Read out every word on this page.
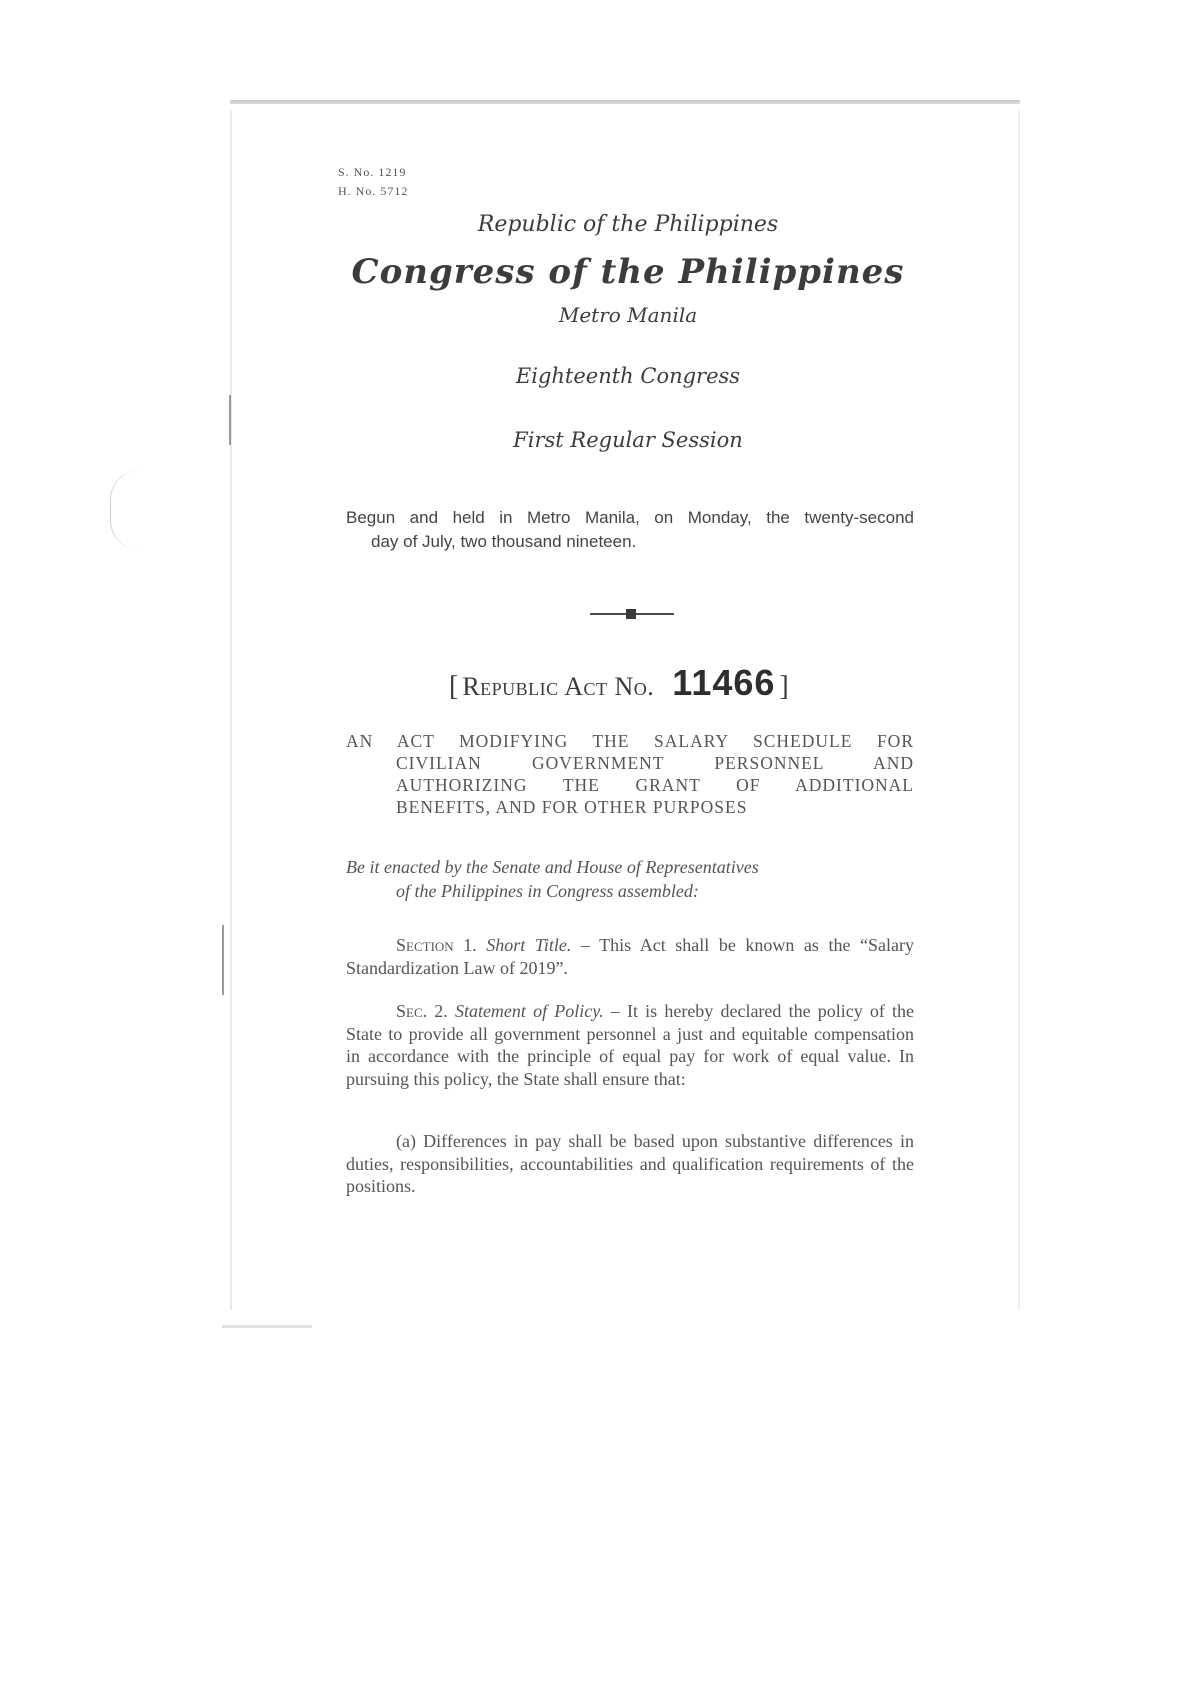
S. No. 1219
H. No. 5712
Republic of the Philippines
Congress of the Philippines
Metro Manila
Eighteenth Congress
First Regular Session
Begun and held in Metro Manila, on Monday, the twenty-second
day of July, two thousand nineteen.
[ Republic Act No. 11466 ]
AN ACT MODIFYING THE SALARY SCHEDULE FOR
CIVILIAN GOVERNMENT PERSONNEL AND
AUTHORIZING THE GRANT OF ADDITIONAL
BENEFITS, AND FOR OTHER PURPOSES
Be it enacted by the Senate and House of Representatives
of the Philippines in Congress assembled:
Section 1. Short Title. – This Act shall be known as the “Salary Standardization Law of 2019”.
Sec. 2. Statement of Policy. – It is hereby declared the policy of the State to provide all government personnel a just and equitable compensation in accordance with the principle of equal pay for work of equal value. In pursuing this policy, the State shall ensure that:
(a) Differences in pay shall be based upon substantive differences in duties, responsibilities, accountabilities and qualification requirements of the positions.
